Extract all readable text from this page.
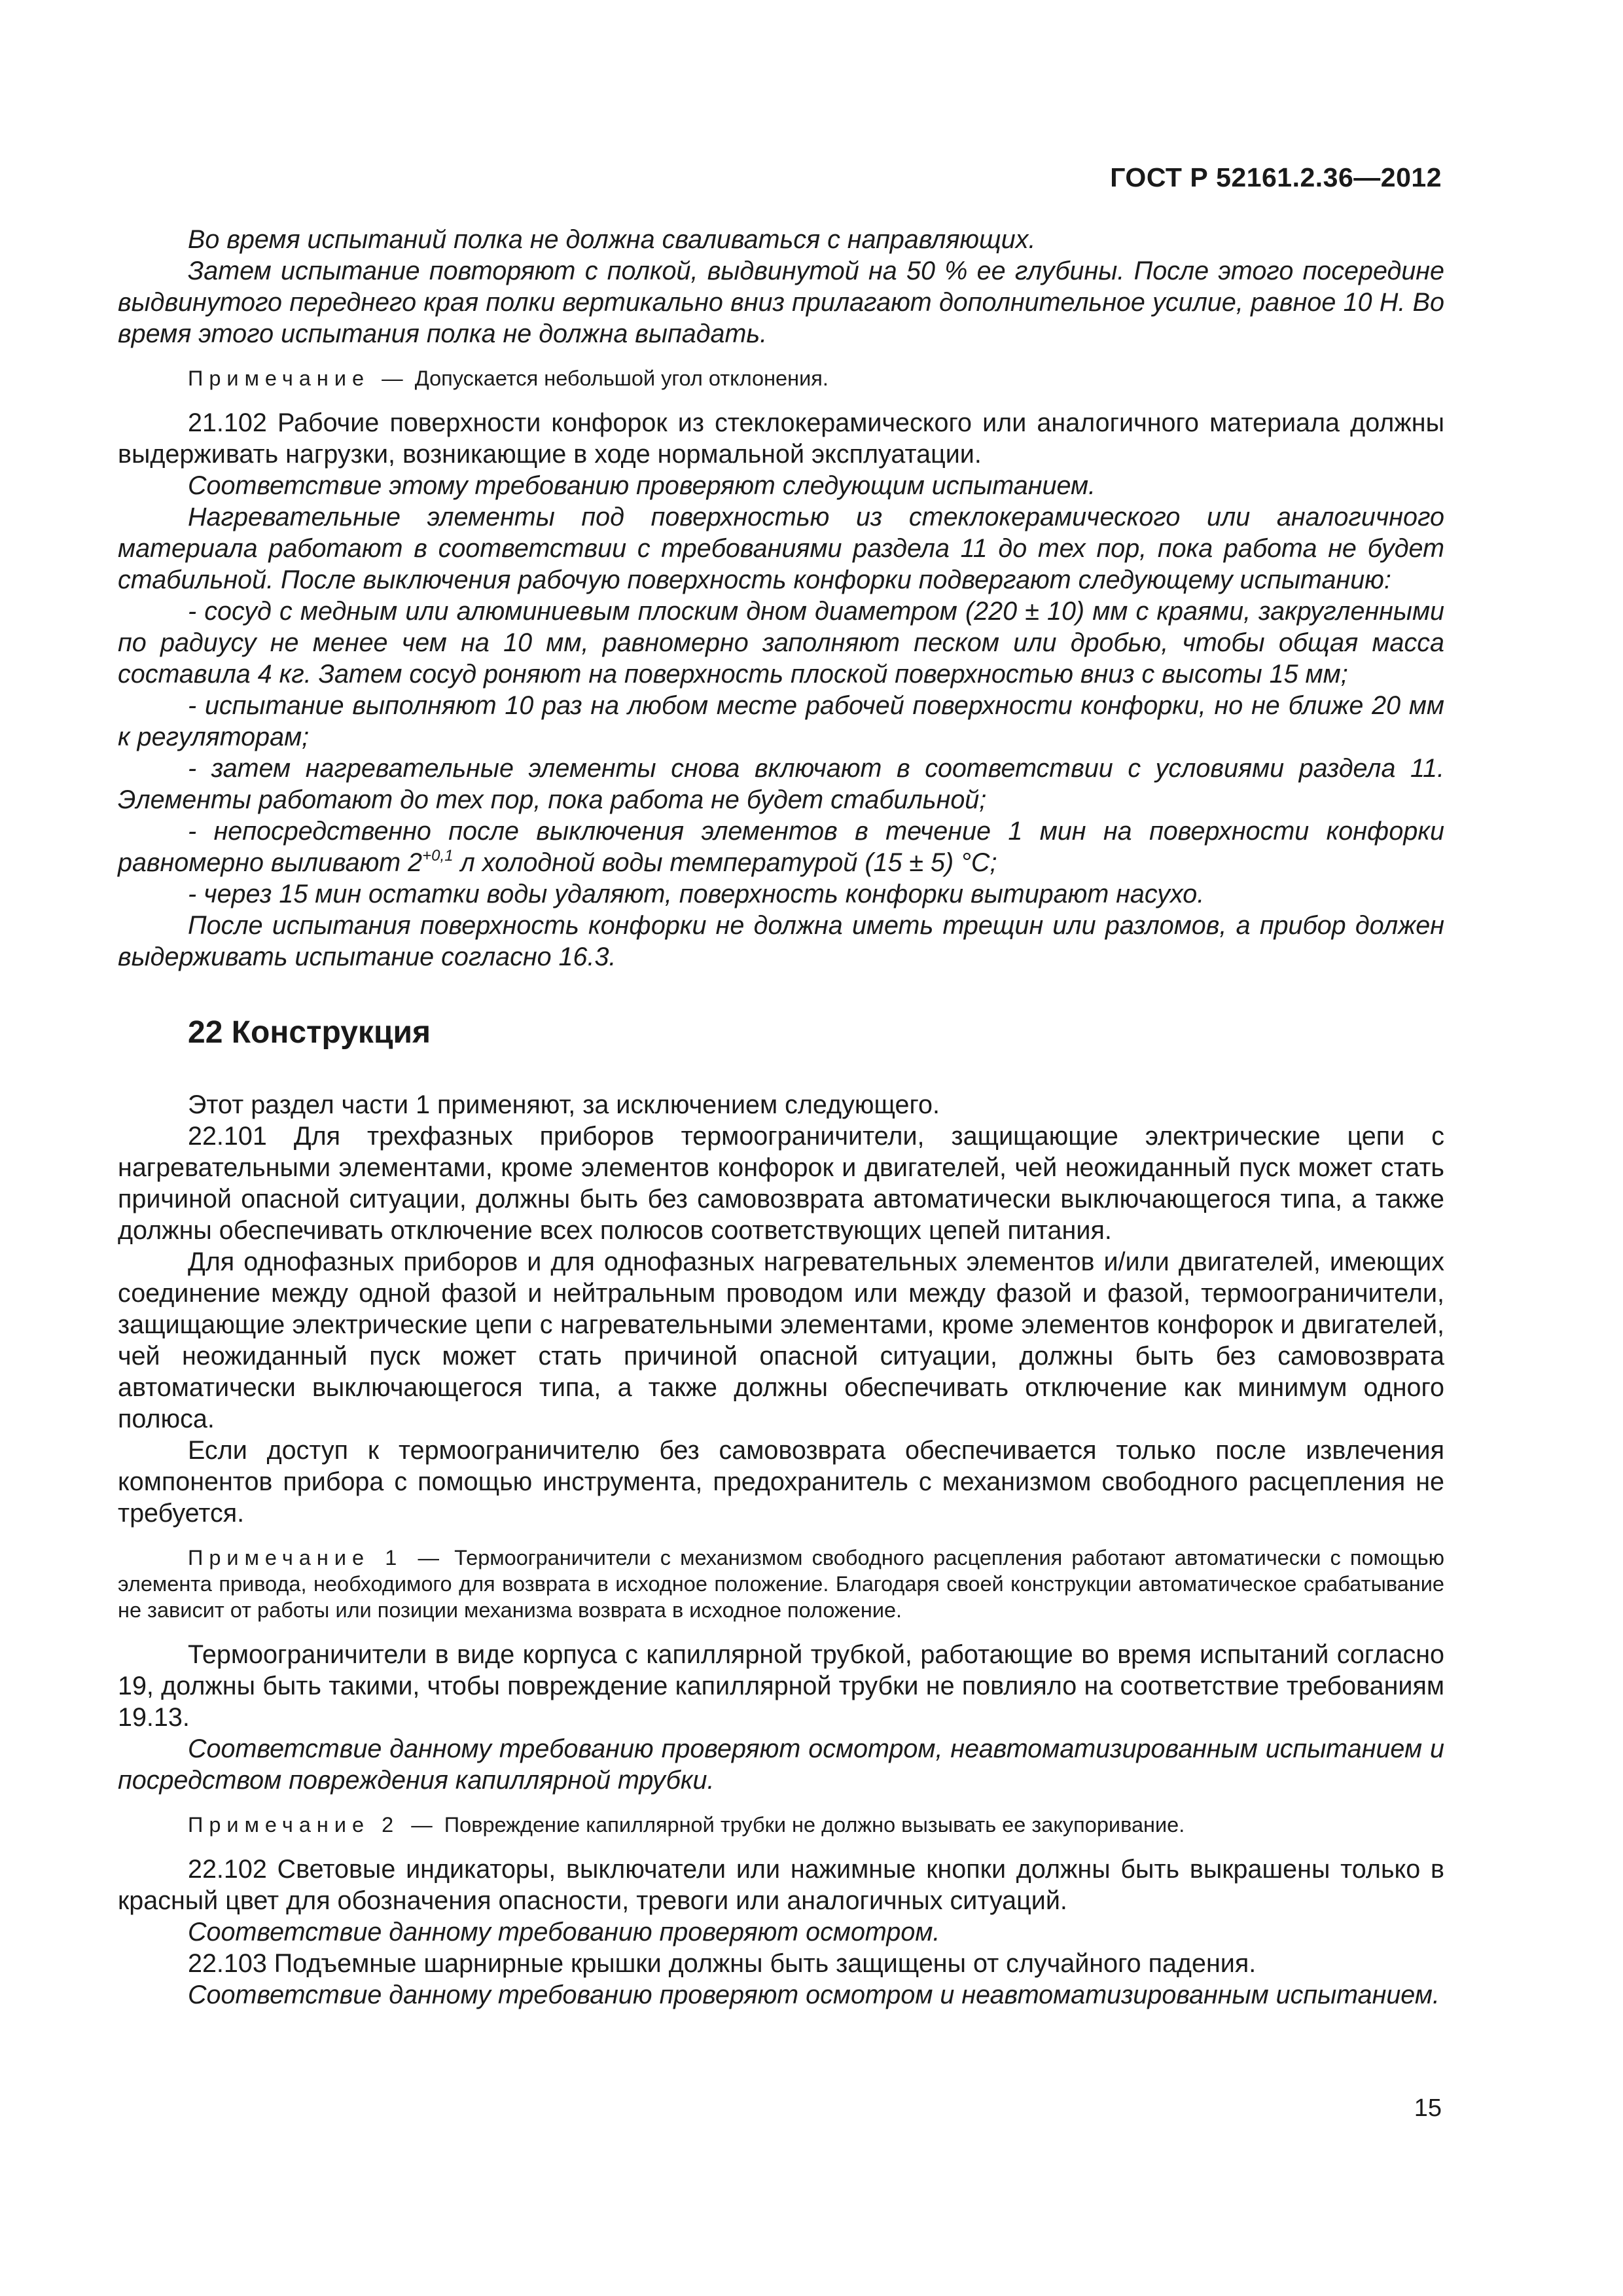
ГОСТ Р 52161.2.36—2012

Во время испытаний полка не должна сваливаться с направляющих.

Затем испытание повторяют с полкой, выдвинутой на 50 % ее глубины. После этого посередине выдвинутого переднего края полки вертикально вниз прилагают дополнительное усилие, равное 10 Н. Во время этого испытания полка не должна выпадать.

Примечание — Допускается небольшой угол отклонения.

21.102 Рабочие поверхности конфорок из стеклокерамического или аналогичного материала должны выдерживать нагрузки, возникающие в ходе нормальной эксплуатации.

Соответствие этому требованию проверяют следующим испытанием.

Нагревательные элементы под поверхностью из стеклокерамического или аналогичного материала работают в соответствии с требованиями раздела 11 до тех пор, пока работа не будет стабильной. После выключения рабочую поверхность конфорки подвергают следующему испытанию:

- сосуд с медным или алюминиевым плоским дном диаметром (220 ± 10) мм с краями, закругленными по радиусу не менее чем на 10 мм, равномерно заполняют песком или дробью, чтобы общая масса составила 4 кг. Затем сосуд роняют на поверхность плоской поверхностью вниз с высоты 15 мм;

- испытание выполняют 10 раз на любом месте рабочей поверхности конфорки, но не ближе 20 мм к регуляторам;

- затем нагревательные элементы снова включают в соответствии с условиями раздела 11. Элементы работают до тех пор, пока работа не будет стабильной;

- непосредственно после выключения элементов в течение 1 мин на поверхности конфорки равномерно выливают $2^{+0,1}$ л холодной воды температурой (15 ± 5) °С;

- через 15 мин остатки воды удаляют, поверхность конфорки вытирают насухо.

После испытания поверхность конфорки не должна иметь трещин или разломов, а прибор должен выдерживать испытание согласно 16.3.

22 Конструкция

Этот раздел части 1 применяют, за исключением следующего.

22.101 Для трехфазных приборов термоограничители, защищающие электрические цепи с нагревательными элементами, кроме элементов конфорок и двигателей, чей неожиданный пуск может стать причиной опасной ситуации, должны быть без самовозврата автоматически выключающегося типа, а также должны обеспечивать отключение всех полюсов соответствующих цепей питания.

Для однофазных приборов и для однофазных нагревательных элементов и/или двигателей, имеющих соединение между одной фазой и нейтральным проводом или между фазой и фазой, термоограничители, защищающие электрические цепи с нагревательными элементами, кроме элементов конфорок и двигателей, чей неожиданный пуск может стать причиной опасной ситуации, должны быть без самовозврата автоматически выключающегося типа, а также должны обеспечивать отключение как минимум одного полюса.

Если доступ к термоограничителю без самовозврата обеспечивается только после извлечения компонентов прибора с помощью инструмента, предохранитель с механизмом свободного расцепления не требуется.

Примечание 1 — Термоограничители с механизмом свободного расцепления работают автоматически с помощью элемента привода, необходимого для возврата в исходное положение. Благодаря своей конструкции автоматическое срабатывание не зависит от работы или позиции механизма возврата в исходное положение.

Термоограничители в виде корпуса с капиллярной трубкой, работающие во время испытаний согласно 19, должны быть такими, чтобы повреждение капиллярной трубки не повлияло на соответствие требованиям 19.13.

Соответствие данному требованию проверяют осмотром, неавтоматизированным испытанием и посредством повреждения капиллярной трубки.

Примечание 2 — Повреждение капиллярной трубки не должно вызывать ее закупоривание.

22.102 Световые индикаторы, выключатели или нажимные кнопки должны быть выкрашены только в красный цвет для обозначения опасности, тревоги или аналогичных ситуаций.

Соответствие данному требованию проверяют осмотром.

22.103 Подъемные шарнирные крышки должны быть защищены от случайного падения.

Соответствие данному требованию проверяют осмотром и неавтоматизированным испытанием.

15
